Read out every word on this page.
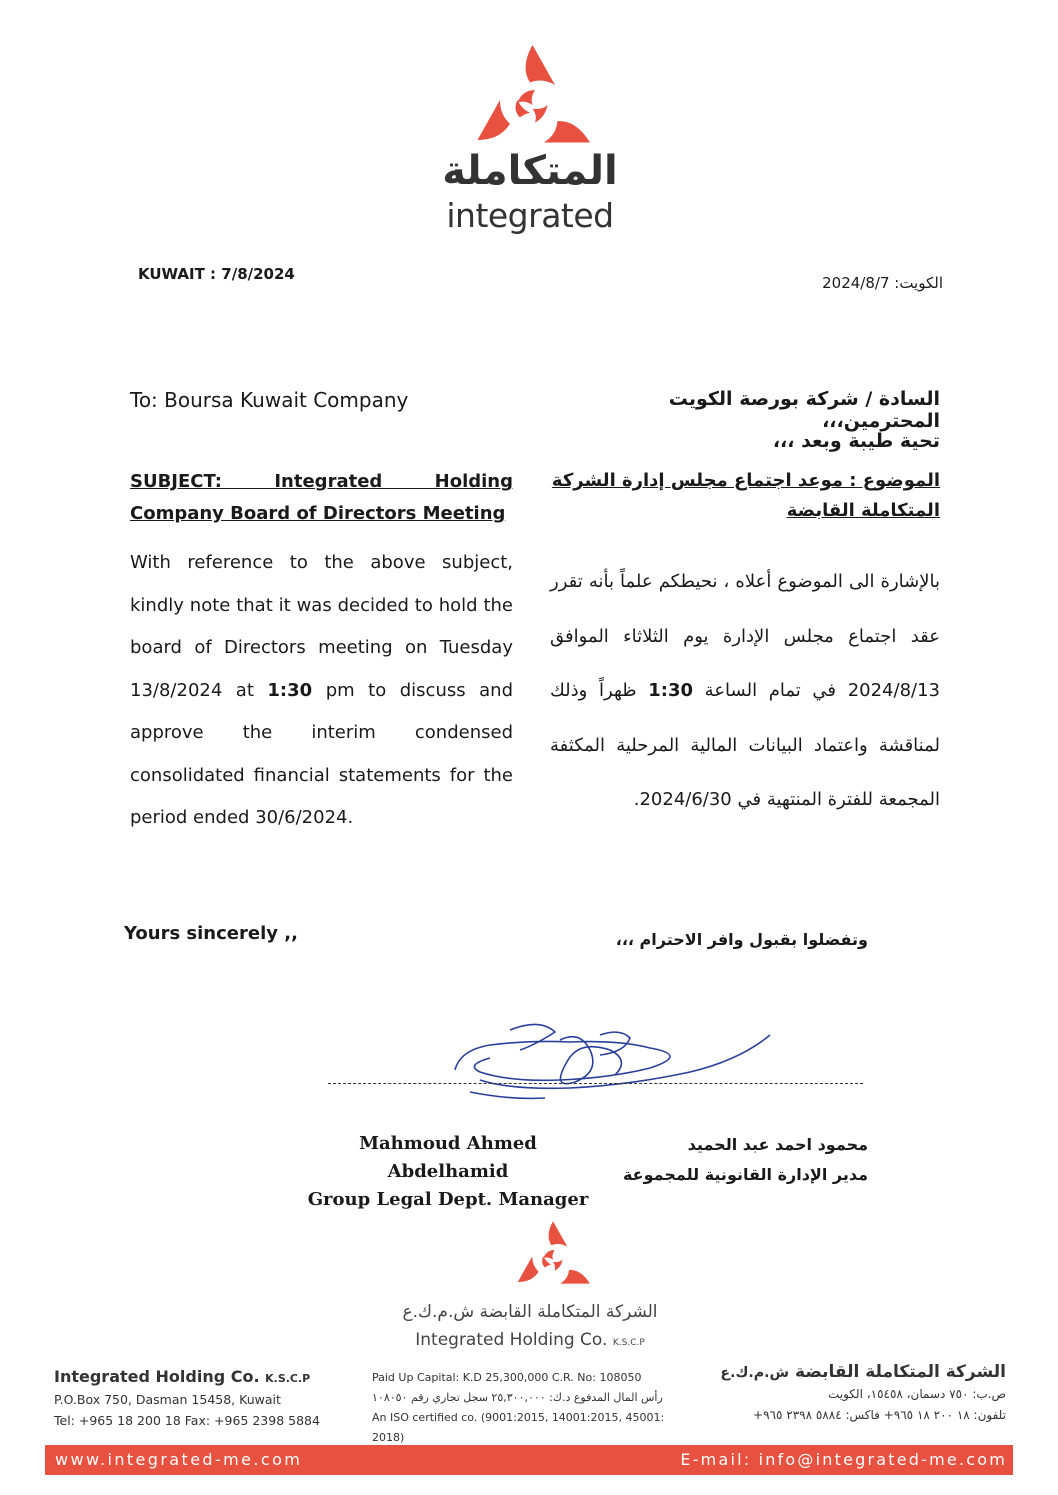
المتكاملة
integrated
KUWAIT : 7/8/2024	الكويت: 2024/8/7
To: Boursa Kuwait Company
SUBJECT: Integrated Holding Company Board of Directors Meeting
With reference to the above subject, kindly note that it was decided to hold the board of Directors meeting on Tuesday 13/8/2024 at 1:30 pm to discuss and approve the interim condensed consolidated financial statements for the period ended 30/6/2024.
Yours sincerely ,,
السادة / شركة بورصة الكويت المحترمين،،،
تحية طيبة وبعد ،،،
الموضوع : موعد اجتماع مجلس إدارة الشركة المتكاملة القابضة
بالإشارة الى الموضوع أعلاه ، نحيطكم علماً بأنه تقرر عقد اجتماع مجلس الإدارة يوم الثلاثاء الموافق 2024/8/13 في تمام الساعة 1:30 ظهراً وذلك لمناقشة واعتماد البيانات المالية المرحلية المكثفة المجمعة للفترة المنتهية في 2024/6/30.
وتفضلوا بقبول وافر الاحترام ،،،
Mahmoud Ahmed Abdelhamid
Group Legal Dept. Manager
محمود احمد عبد الحميد
مدير الإدارة القانونية للمجموعة
الشركة المتكاملة القابضة ش.م.ك.ع
Integrated Holding Co. K.S.C.P
Integrated Holding Co. K.S.C.P
P.O.Box 750, Dasman 15458, Kuwait
Tel: +965 18 200 18 Fax: +965 2398 5884
Paid Up Capital: K.D 25,300,000 C.R. No: 108050
رأس المال المدفوع د.ك: ٢٥,٣٠٠,٠٠٠ سجل تجاري رقم ١٠٨٠٥٠
An ISO certified co. (9001:2015, 14001:2015, 45001: 2018)
الشركة المتكاملة القابضة ش.م.ك.ع
ص.ب: ٧٥٠ دسمان، ١٥٤٥٨، الكويت
تلفون: ١٨ ٢٠٠ ١٨ ٩٦٥+ فاكس: ٥٨٨٤ ٢٣٩٨ ٩٦٥+
www.integrated-me.com	E-mail: info@integrated-me.com
